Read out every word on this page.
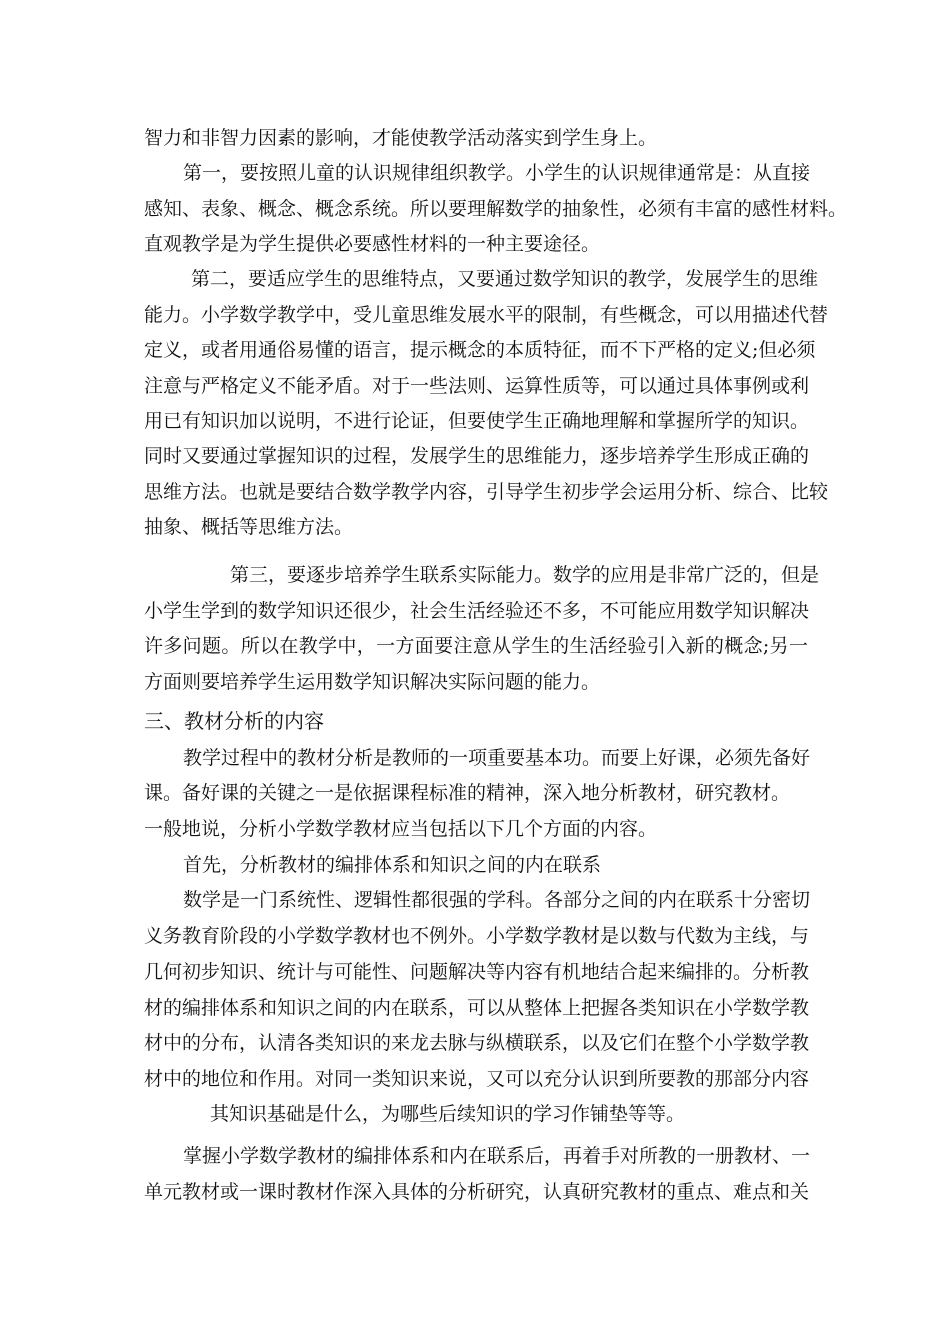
智力和非智力因素的影响，才能使教学活动落实到学生身上。
第一，要按照儿童的认识规律组织教学。小学生的认识规律通常是：从直接
感知、表象、概念、概念系统。所以要理解数学的抽象性，必须有丰富的感性材料。
直观教学是为学生提供必要感性材料的一种主要途径。
第二，要适应学生的思维特点，又要通过数学知识的教学，发展学生的思维
能力。小学数学教学中，受儿童思维发展水平的限制，有些概念，可以用描述代替
定义，或者用通俗易懂的语言，提示概念的本质特征，而不下严格的定义;但必须
注意与严格定义不能矛盾。对于一些法则、运算性质等，可以通过具体事例或利
用已有知识加以说明，不进行论证，但要使学生正确地理解和掌握所学的知识。
同时又要通过掌握知识的过程，发展学生的思维能力，逐步培养学生形成正确的
思维方法。也就是要结合数学教学内容，引导学生初步学会运用分析、综合、比较
抽象、概括等思维方法。
第三，要逐步培养学生联系实际能力。数学的应用是非常广泛的，但是
小学生学到的数学知识还很少，社会生活经验还不多，不可能应用数学知识解决
许多问题。所以在教学中，一方面要注意从学生的生活经验引入新的概念;另一
方面则要培养学生运用数学知识解决实际问题的能力。
三、教材分析的内容
教学过程中的教材分析是教师的一项重要基本功。而要上好课，必须先备好
课。备好课的关键之一是依据课程标准的精神，深入地分析教材，研究教材。
一般地说，分析小学数学教材应当包括以下几个方面的内容。
首先，分析教材的编排体系和知识之间的内在联系
数学是一门系统性、逻辑性都很强的学科。各部分之间的内在联系十分密切
义务教育阶段的小学数学教材也不例外。小学数学教材是以数与代数为主线，与
几何初步知识、统计与可能性、问题解决等内容有机地结合起来编排的。分析教
材的编排体系和知识之间的内在联系，可以从整体上把握各类知识在小学数学教
材中的分布，认清各类知识的来龙去脉与纵横联系，以及它们在整个小学数学教
材中的地位和作用。对同一类知识来说，又可以充分认识到所要教的那部分内容
其知识基础是什么，为哪些后续知识的学习作铺垫等等。
掌握小学数学教材的编排体系和内在联系后，再着手对所教的一册教材、一
单元教材或一课时教材作深入具体的分析研究，认真研究教材的重点、难点和关
